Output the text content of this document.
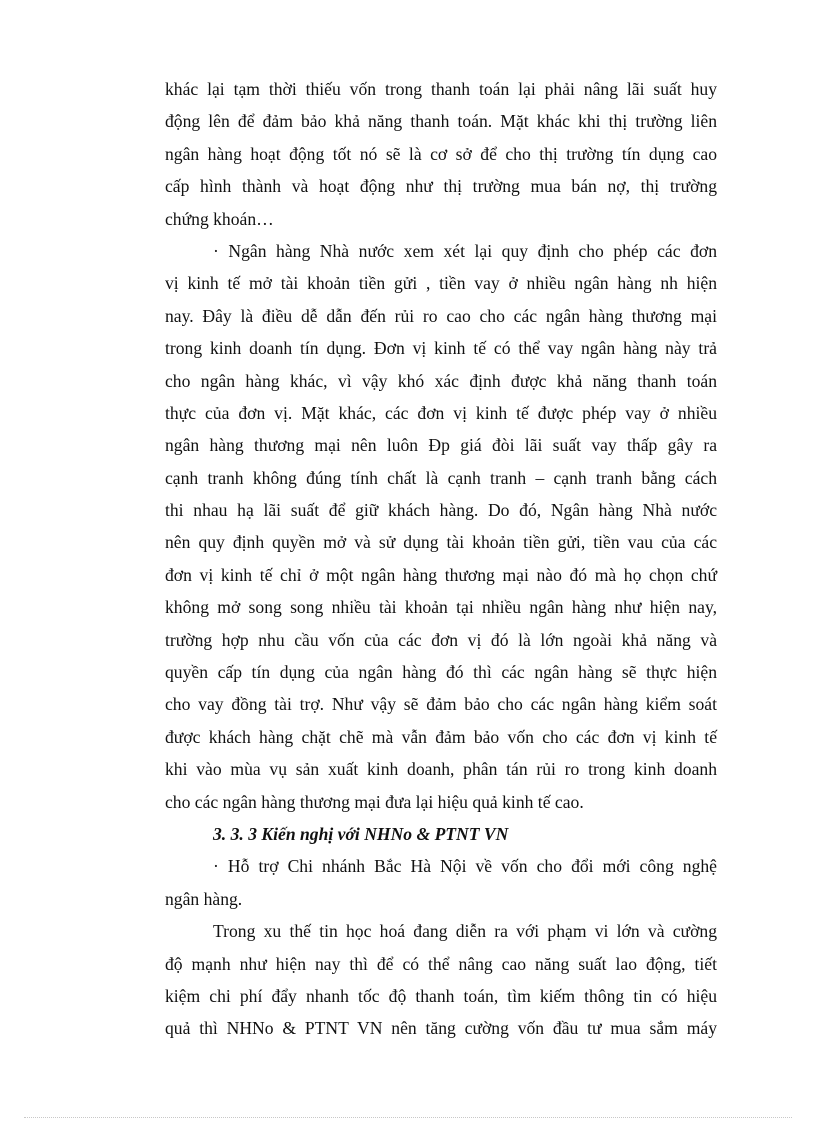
khác lại tạm thời thiếu vốn trong thanh toán lại phải nâng lãi suất huy
động lên để đảm bảo khả năng thanh toán. Mặt khác khi thị trường liên
ngân hàng hoạt động tốt nó sẽ là cơ sở để cho thị trường tín dụng cao
cấp hình thành và hoạt động như thị trường mua bán nợ, thị trường
chứng khoán…
· Ngân hàng Nhà nước xem xét lại quy định cho phép các đơn
vị kinh tế mở tài khoản tiền gửi , tiền vay ở nhiều ngân hàng nh hiện
nay. Đây là điều dễ dẫn đến rủi ro cao cho các ngân hàng thương mại
trong kinh doanh tín dụng. Đơn vị kinh tế có thể vay ngân hàng này trả
cho ngân hàng khác, vì vậy khó xác định được khả năng thanh toán
thực của đơn vị. Mặt khác, các đơn vị kinh tế được phép vay ở nhiều
ngân hàng thương mại nên luôn Đp giá đòi lãi suất vay thấp gây ra
cạnh tranh không đúng tính chất là cạnh tranh – cạnh tranh bằng cách
thi nhau hạ lãi suất để giữ khách hàng. Do đó, Ngân hàng Nhà nước
nên quy định quyền mở và sử dụng tài khoản tiền gửi, tiền vau của các
đơn vị kinh tế chỉ ở một ngân hàng thương mại nào đó mà họ chọn chứ
không mở song song nhiều tài khoản tại nhiều ngân hàng như hiện nay,
trường hợp nhu cầu vốn của các đơn vị đó là lớn ngoài khả năng và
quyền cấp tín dụng của ngân hàng đó thì các ngân hàng sẽ thực hiện
cho vay đồng tài trợ. Như vậy sẽ đảm bảo cho các ngân hàng kiểm soát
được khách hàng chặt chẽ mà vẫn đảm bảo vốn cho các đơn vị kinh tế
khi vào mùa vụ sản xuất kinh doanh, phân tán rủi ro trong kinh doanh
cho các ngân hàng thương mại đưa lại hiệu quả kinh tế cao.
3. 3. 3 Kiến nghị với NHNo & PTNT VN
· Hỗ trợ Chi nhánh Bắc Hà Nội về vốn cho đổi mới công nghệ
ngân hàng.
Trong xu thế tin học hoá đang diễn ra với phạm vi lớn và cường
độ mạnh như hiện nay thì để có thể nâng cao năng suất lao động, tiết
kiệm chi phí đẩy nhanh tốc độ thanh toán, tìm kiếm thông tin có hiệu
quả thì NHNo & PTNT VN nên tăng cường vốn đầu tư mua sắm máy
